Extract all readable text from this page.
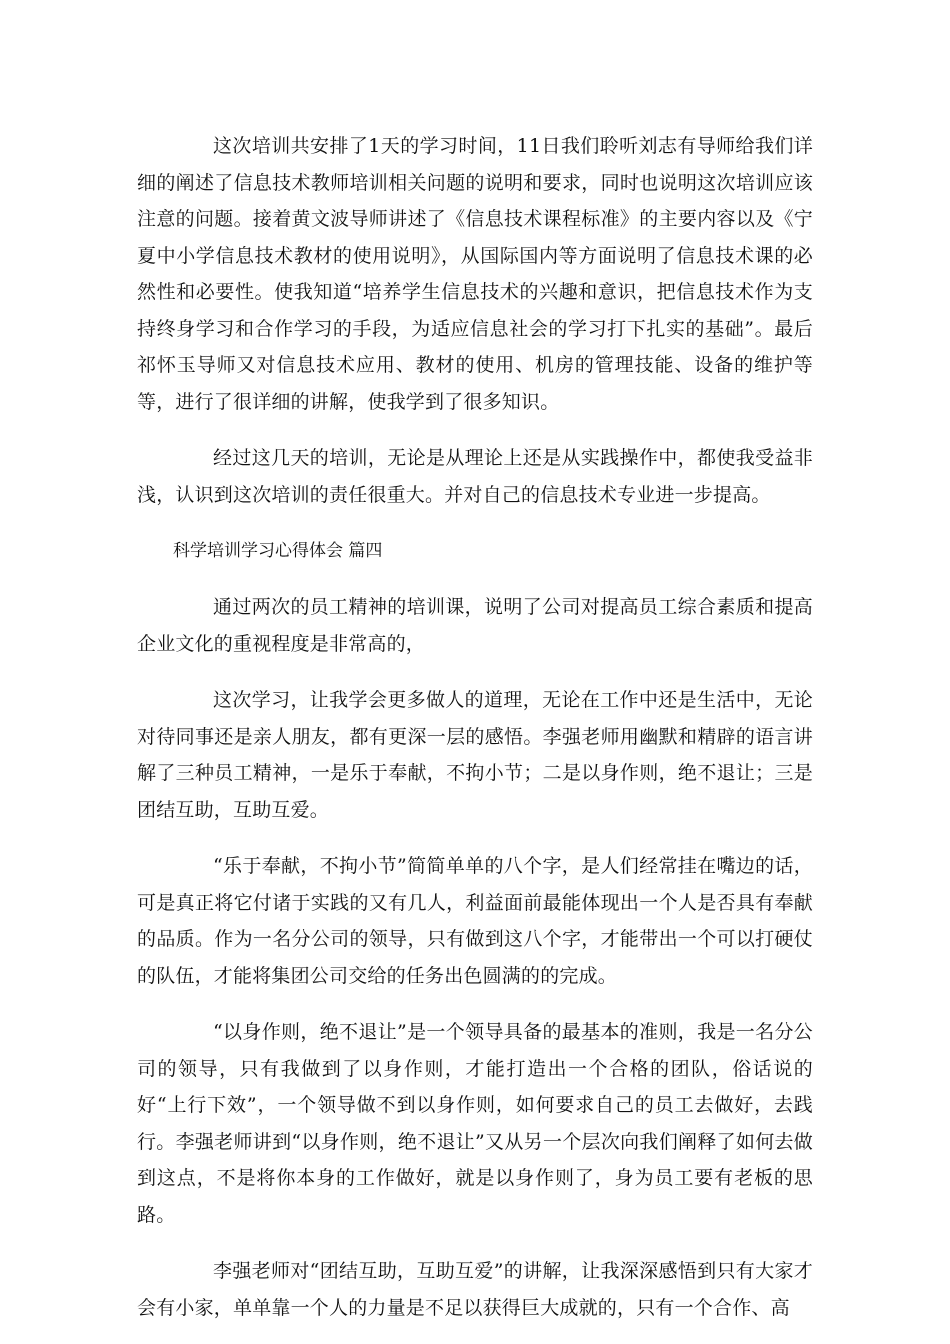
这次培训共安排了1天的学习时间，11日我们聆听刘志有导师给我们详细的阐述了信息技术教师培训相关问题的说明和要求，同时也说明这次培训应该注意的问题。接着黄文波导师讲述了《信息技术课程标准》的主要内容以及《宁夏中小学信息技术教材的使用说明》，从国际国内等方面说明了信息技术课的必然性和必要性。使我知道“培养学生信息技术的兴趣和意识，把信息技术作为支持终身学习和合作学习的手段，为适应信息社会的学习打下扎实的基础”。最后祁怀玉导师又对信息技术应用、教材的使用、机房的管理技能、设备的维护等等，进行了很详细的讲解，使我学到了很多知识。

经过这几天的培训，无论是从理论上还是从实践操作中，都使我受益非浅，认识到这次培训的责任很重大。并对自己的信息技术专业进一步提高。

科学培训学习心得体会 篇四

通过两次的员工精神的培训课，说明了公司对提高员工综合素质和提高企业文化的重视程度是非常高的，

这次学习，让我学会更多做人的道理，无论在工作中还是生活中，无论对待同事还是亲人朋友，都有更深一层的感悟。李强老师用幽默和精辟的语言讲解了三种员工精神，一是乐于奉献，不拘小节；二是以身作则，绝不退让；三是团结互助，互助互爱。

“乐于奉献，不拘小节”简简单单的八个字，是人们经常挂在嘴边的话，可是真正将它付诸于实践的又有几人，利益面前最能体现出一个人是否具有奉献的品质。作为一名分公司的领导，只有做到这八个字，才能带出一个可以打硬仗的队伍，才能将集团公司交给的任务出色圆满的的完成。

“以身作则，绝不退让”是一个领导具备的最基本的准则，我是一名分公司的领导，只有我做到了以身作则，才能打造出一个合格的团队，俗话说的好“上行下效”，一个领导做不到以身作则，如何要求自己的员工去做好，去践行。李强老师讲到“以身作则，绝不退让”又从另一个层次向我们阐释了如何去做到这点，不是将你本身的工作做好，就是以身作则了，身为员工要有老板的思路。

李强老师对“团结互助，互助互爱”的讲解，让我深深感悟到只有大家才会有小家，单单靠一个人的力量是不足以获得巨大成就的，只有一个合作、高
